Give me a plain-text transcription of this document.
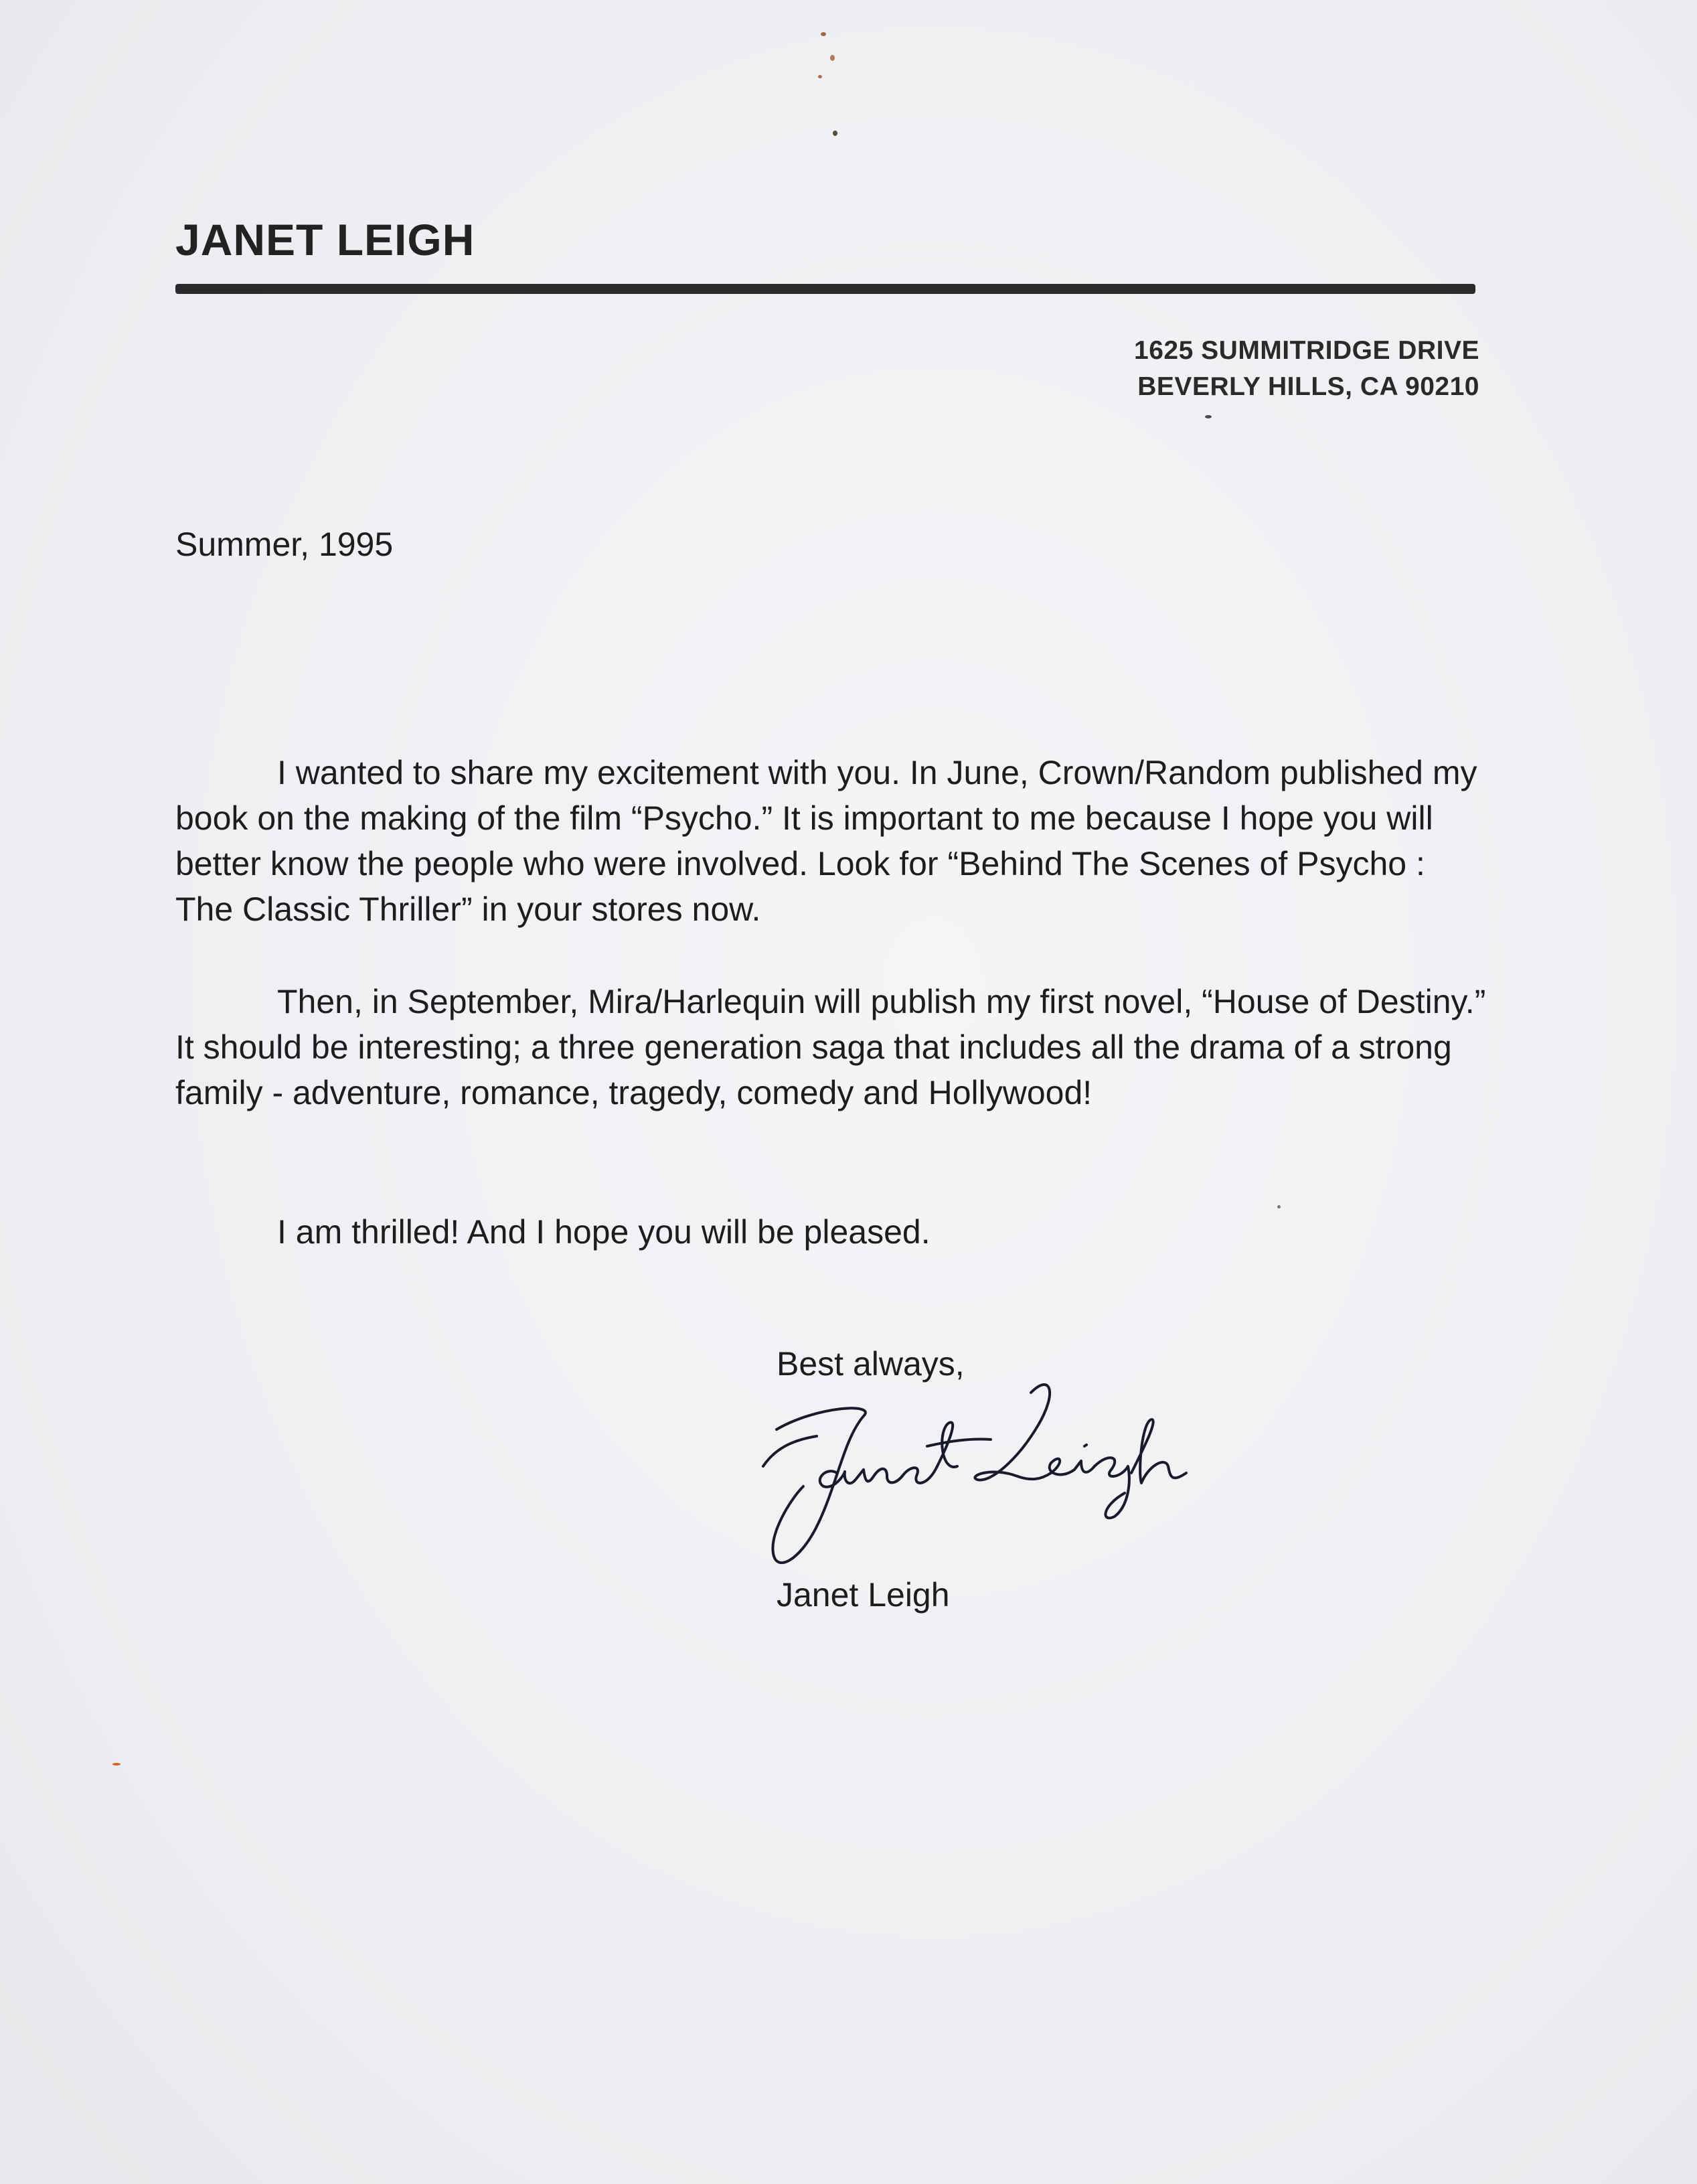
JANET LEIGH
1625 SUMMITRIDGE DRIVE
BEVERLY HILLS, CA 90210

Summer, 1995

I wanted to share my excitement with you. In June, Crown/Random published my book on the making of the film “Psycho.” It is important to me because I hope you will better know the people who were involved. Look for “Behind The Scenes of Psycho : The Classic Thriller” in your stores now.

Then, in September, Mira/Harlequin will publish my first novel, “House of Destiny.” It should be interesting; a three generation saga that includes all the drama of a strong family - adventure, romance, tragedy, comedy and Hollywood!

I am thrilled! And I hope you will be pleased.

Best always,
Janet Leigh
